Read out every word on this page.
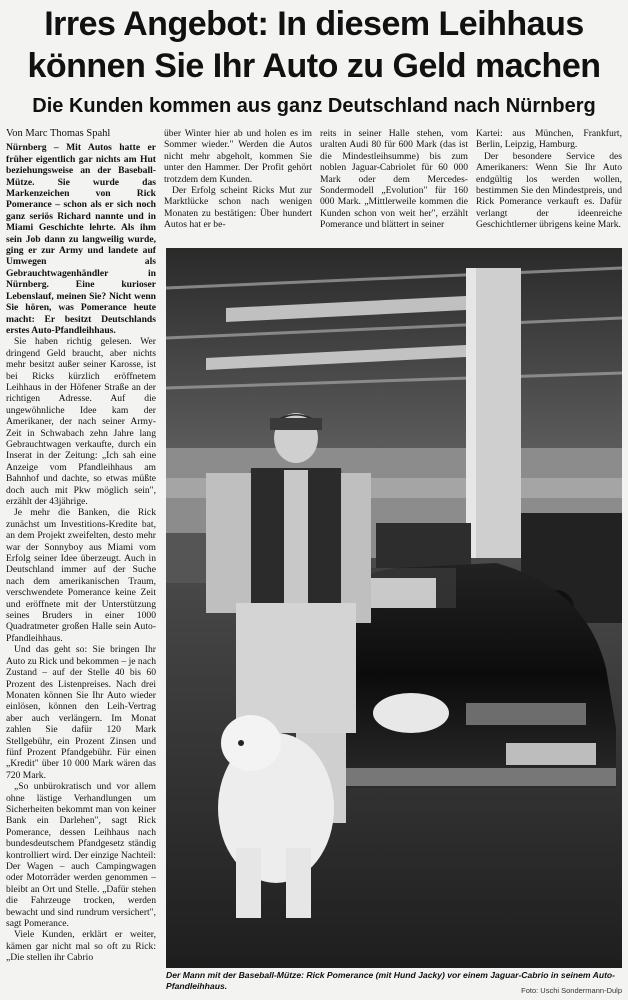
Irres Angebot: In diesem Leihhaus
können Sie Ihr Auto zu Geld machen
Die Kunden kommen aus ganz Deutschland nach Nürnberg

Von Marc Thomas Spahl

Nürnberg – Mit Autos hatte er früher eigentlich gar nichts am Hut beziehungsweise an der Baseball-Mütze. Sie wurde das Markenzeichen von Rick Pomerance – schon als er sich noch ganz seriös Richard nannte und in Miami Geschichte lehrte. Als ihm sein Job dann zu langweilig wurde, ging er zur Army und landete auf Umwegen als Gebrauchtwagenhändler in Nürnberg. Eine kurioser Lebenslauf, meinen Sie? Nicht wenn Sie hören, was Pomerance heute macht: Er besitzt Deutschlands erstes Auto-Pfandleihhaus.

Sie haben richtig gelesen. Wer dringend Geld braucht, aber nichts mehr besitzt außer seiner Karosse, ist bei Ricks kürzlich eröffnetem Leihhaus in der Höfener Straße an der richtigen Adresse. Auf die ungewöhnliche Idee kam der Amerikaner, der nach seiner Army-Zeit in Schwabach zehn Jahre lang Gebrauchtwagen verkaufte, durch ein Inserat in der Zeitung: „Ich sah eine Anzeige vom Pfandleihhaus am Bahnhof und dachte, so etwas müßte doch auch mit Pkw möglich sein", erzählt der 43jährige.

Je mehr die Banken, die Rick zunächst um Investitions-Kredite bat, an dem Projekt zweifelten, desto mehr war der Sonnyboy aus Miami vom Erfolg seiner Idee überzeugt. Auch in Deutschland immer auf der Suche nach dem amerikanischen Traum, verschwendete Pomerance keine Zeit und eröffnete mit der Unterstützung seines Bruders in einer 1000 Quadratmeter großen Halle sein Auto-Pfandleihhaus.

Und das geht so: Sie bringen Ihr Auto zu Rick und bekommen – je nach Zustand – auf der Stelle 40 bis 60 Prozent des Listenpreises. Nach drei Monaten können Sie Ihr Auto wieder einlösen, können den Leih-Vertrag aber auch verlängern. Im Monat zahlen Sie dafür 120 Mark Stellgebühr, ein Prozent Zinsen und fünf Prozent Pfandgebühr. Für einen „Kredit" über 10 000 Mark wären das 720 Mark.

„So unbürokratisch und vor allem ohne lästige Verhandlungen um Sicherheiten bekommt man von keiner Bank ein Darlehen", sagt Rick Pomerance, dessen Leihhaus nach bundesdeutschem Pfandgesetz ständig kontrolliert wird. Der einzige Nachteil: Der Wagen – auch Campingwagen oder Motorräder werden genommen – bleibt an Ort und Stelle. „Dafür stehen die Fahrzeuge trocken, werden bewacht und sind rundrum versichert", sagt Pomerance.

Viele Kunden, erklärt er weiter, kämen gar nicht mal so oft zu Rick: „Die stellen ihr Cabrio

über Winter hier ab und holen es im Sommer wieder." Werden die Autos nicht mehr abgeholt, kommen Sie unter den Hammer. Der Profit gehört trotzdem dem Kunden.

Der Erfolg scheint Ricks Mut zur Marktlücke schon nach wenigen Monaten zu bestätigen: Über hundert Autos hat er be-

reits in seiner Halle stehen, vom uralten Audi 80 für 600 Mark (das ist die Mindestleihsumme) bis zum noblen Jaguar-Cabriolet für 60 000 Mark oder dem Mercedes-Sondermodell „Evolution" für 160 000 Mark. „Mittlerweile kommen die Kunden schon von weit her", erzählt Pomerance und blättert in seiner

Kartei: aus München, Frankfurt, Berlin, Leipzig, Hamburg.

Der besondere Service des Amerikaners: Wenn Sie Ihr Auto endgültig los werden wollen, bestimmen Sie den Mindestpreis, und Rick Pomerance verkauft es. Dafür verlangt der ideenreiche Geschichtlerner übrigens keine Mark.

Der Mann mit der Baseball-Mütze: Rick Pomerance (mit Hund Jacky) vor einem Jaguar-Cabrio in seinem Auto-Pfandleihhaus.	Foto: Uschi Sondermann-Dulp
